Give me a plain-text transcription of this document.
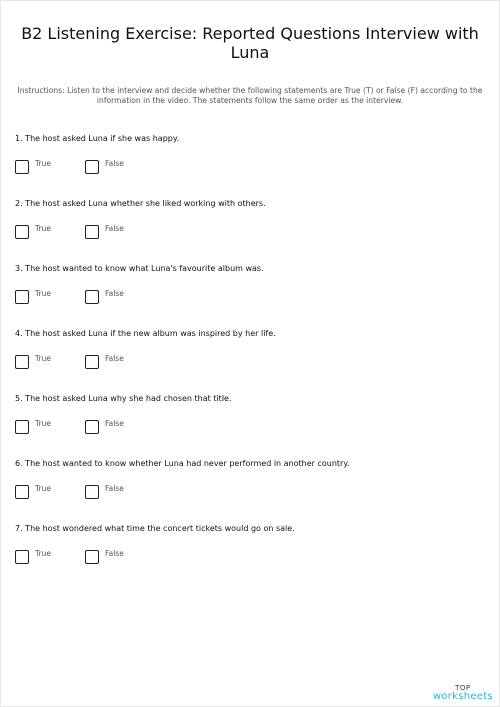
B2 Listening Exercise: Reported Questions Interview with Luna
Instructions: Listen to the interview and decide whether the following statements are True (T) or False (F) according to the information in the video. The statements follow the same order as the interview.
1. The host asked Luna if she was happy.
True	False
2. The host asked Luna whether she liked working with others.
True	False
3. The host wanted to know what Luna's favourite album was.
True	False
4. The host asked Luna if the new album was inspired by her life.
True	False
5. The host asked Luna why she had chosen that title.
True	False
6. The host wanted to know whether Luna had never performed in another country.
True	False
7. The host wondered what time the concert tickets would go on sale.
True	False
TOP
worksheets
